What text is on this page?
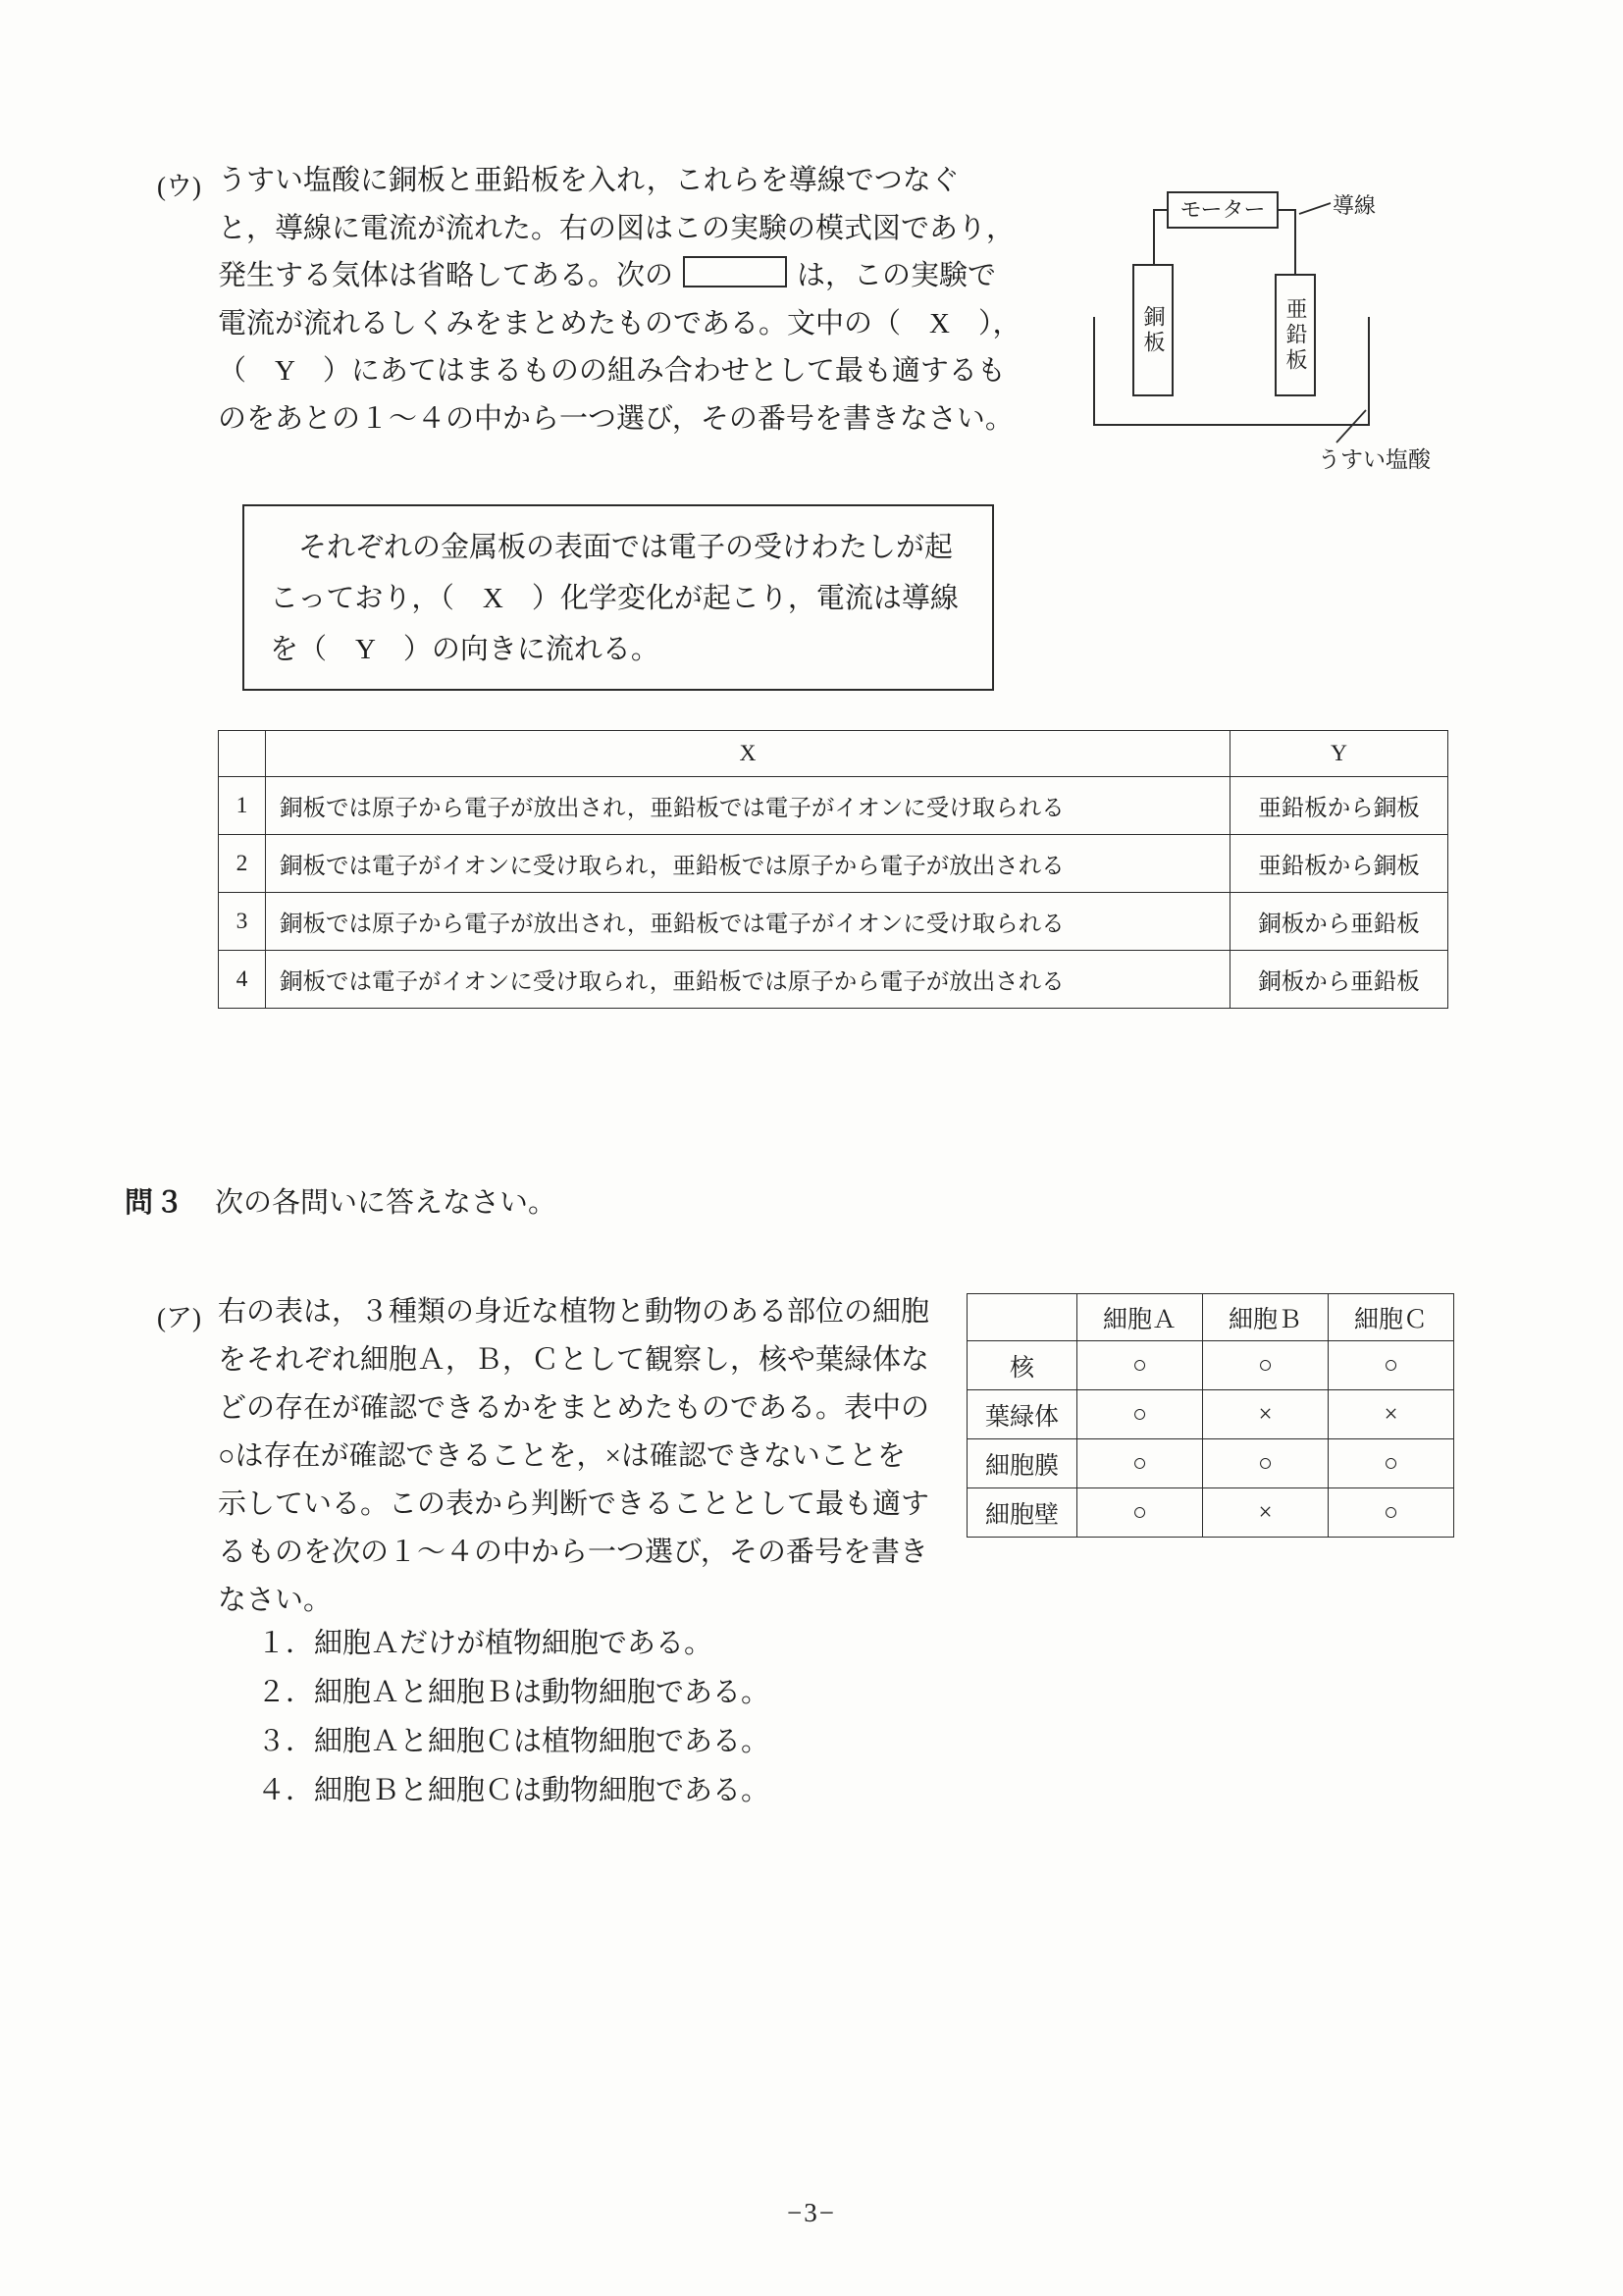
(ウ) うすい塩酸に銅板と亜鉛板を入れ，これらを導線でつなぐ
と，導線に電流が流れた。右の図はこの実験の模式図であり，
発生する気体は省略してある。次の	は，この実験で
電流が流れるしくみをまとめたものである。文中の（　X　），
（　Y　）にあてはまるものの組み合わせとして最も適するも
のをあとの１〜４の中から一つ選び，その番号を書きなさい。
モーター	導線
銅板	亜鉛板
うすい塩酸
それぞれの金属板の表面では電子の受けわたしが起
こっており，（　X　）化学変化が起こり，電流は導線
を（　Y　）の向きに流れる。
	X	Y
1	銅板では原子から電子が放出され，亜鉛板では電子がイオンに受け取られる	亜鉛板から銅板
2	銅板では電子がイオンに受け取られ，亜鉛板では原子から電子が放出される	亜鉛板から銅板
3	銅板では原子から電子が放出され，亜鉛板では電子がイオンに受け取られる	銅板から亜鉛板
4	銅板では電子がイオンに受け取られ，亜鉛板では原子から電子が放出される	銅板から亜鉛板
問３ 次の各問いに答えなさい。
(ア) 右の表は，３種類の身近な植物と動物のある部位の細胞
をそれぞれ細胞Ａ，Ｂ，Ｃとして観察し，核や葉緑体な
どの存在が確認できるかをまとめたものである。表中の
○は存在が確認できることを，×は確認できないことを
示している。この表から判断できることとして最も適す
るものを次の１〜４の中から一つ選び，その番号を書き
なさい。
１．細胞Ａだけが植物細胞である。
２．細胞Ａと細胞Ｂは動物細胞である。
３．細胞Ａと細胞Ｃは植物細胞である。
４．細胞Ｂと細胞Ｃは動物細胞である。
	細胞Ａ	細胞Ｂ	細胞Ｃ
核	○	○	○
葉緑体	○	×	×
細胞膜	○	○	○
細胞壁	○	×	○
−3−
